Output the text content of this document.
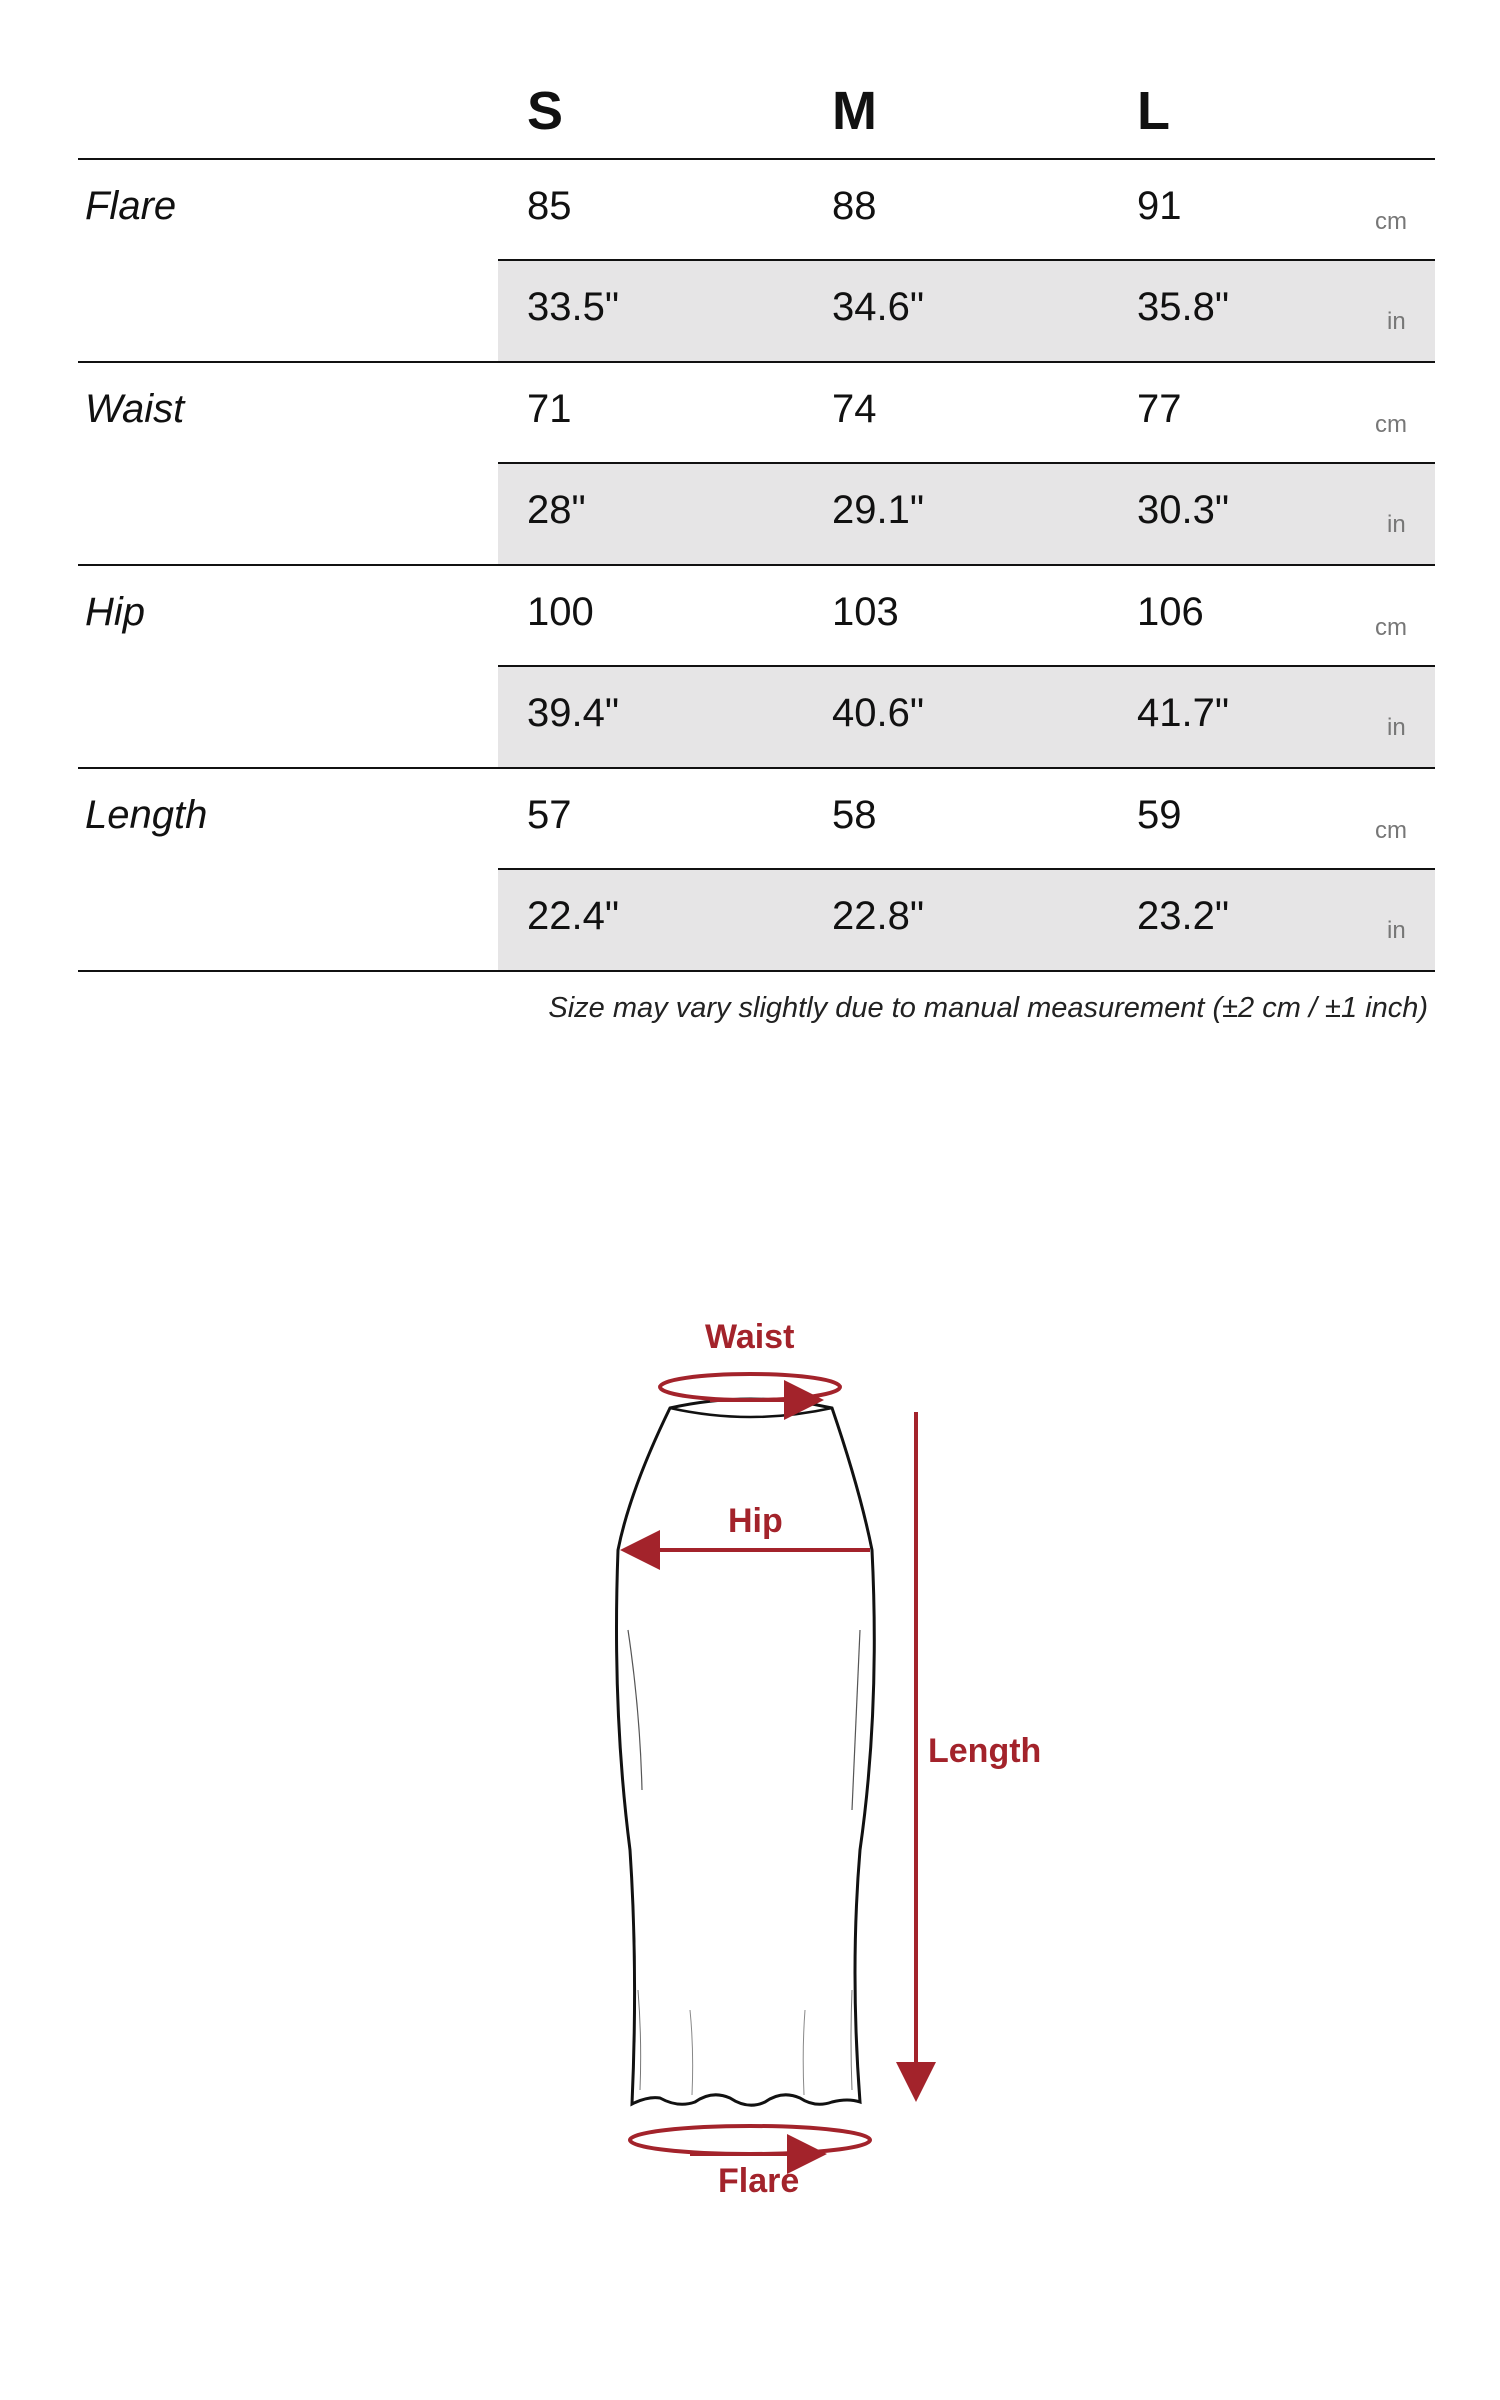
S	M	L
Flare	85	88	91	cm
33.5"	34.6"	35.8"	in
Waist	71	74	77	cm
28"	29.1"	30.3"	in
Hip	100	103	106	cm
39.4"	40.6"	41.7"	in
Length	57	58	59	cm
22.4"	22.8"	23.2"	in
Size may vary slightly due to manual measurement (±2 cm / ±1 inch)
Waist
Hip
Length
Flare
